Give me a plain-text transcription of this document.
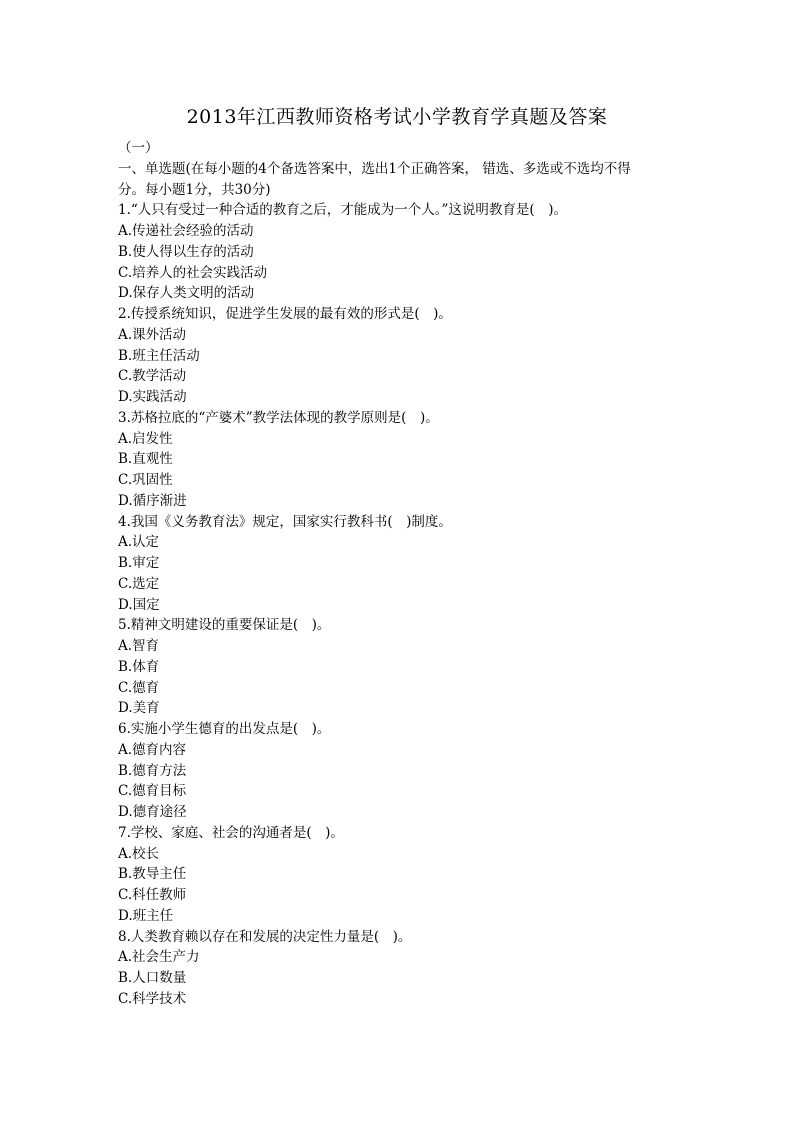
2013年江西教师资格考试小学教育学真题及答案
（一）
一、单选题(在每小题的4个备选答案中，选出1个正确答案， 错选、多选或不选均不得
分。每小题1分，共30分)
1.“人只有受过一种合适的教育之后，才能成为一个人。”这说明教育是(　)。
A.传递社会经验的活动
B.使人得以生存的活动
C.培养人的社会实践活动
D.保存人类文明的活动
2.传授系统知识，促进学生发展的最有效的形式是(　)。
A.课外活动
B.班主任活动
C.教学活动
D.实践活动
3.苏格拉底的“产婆术”教学法体现的教学原则是(　)。
A.启发性
B.直观性
C.巩固性
D.循序渐进
4.我国《义务教育法》规定，国家实行教科书(　)制度。
A.认定
B.审定
C.选定
D.国定
5.精神文明建设的重要保证是(　)。
A.智育
B.体育
C.德育
D.美育
6.实施小学生德育的出发点是(　)。
A.德育内容
B.德育方法
C.德育目标
D.德育途径
7.学校、家庭、社会的沟通者是(　)。
A.校长
B.教导主任
C.科任教师
D.班主任
8.人类教育赖以存在和发展的决定性力量是(　)。
A.社会生产力
B.人口数量
C.科学技术
